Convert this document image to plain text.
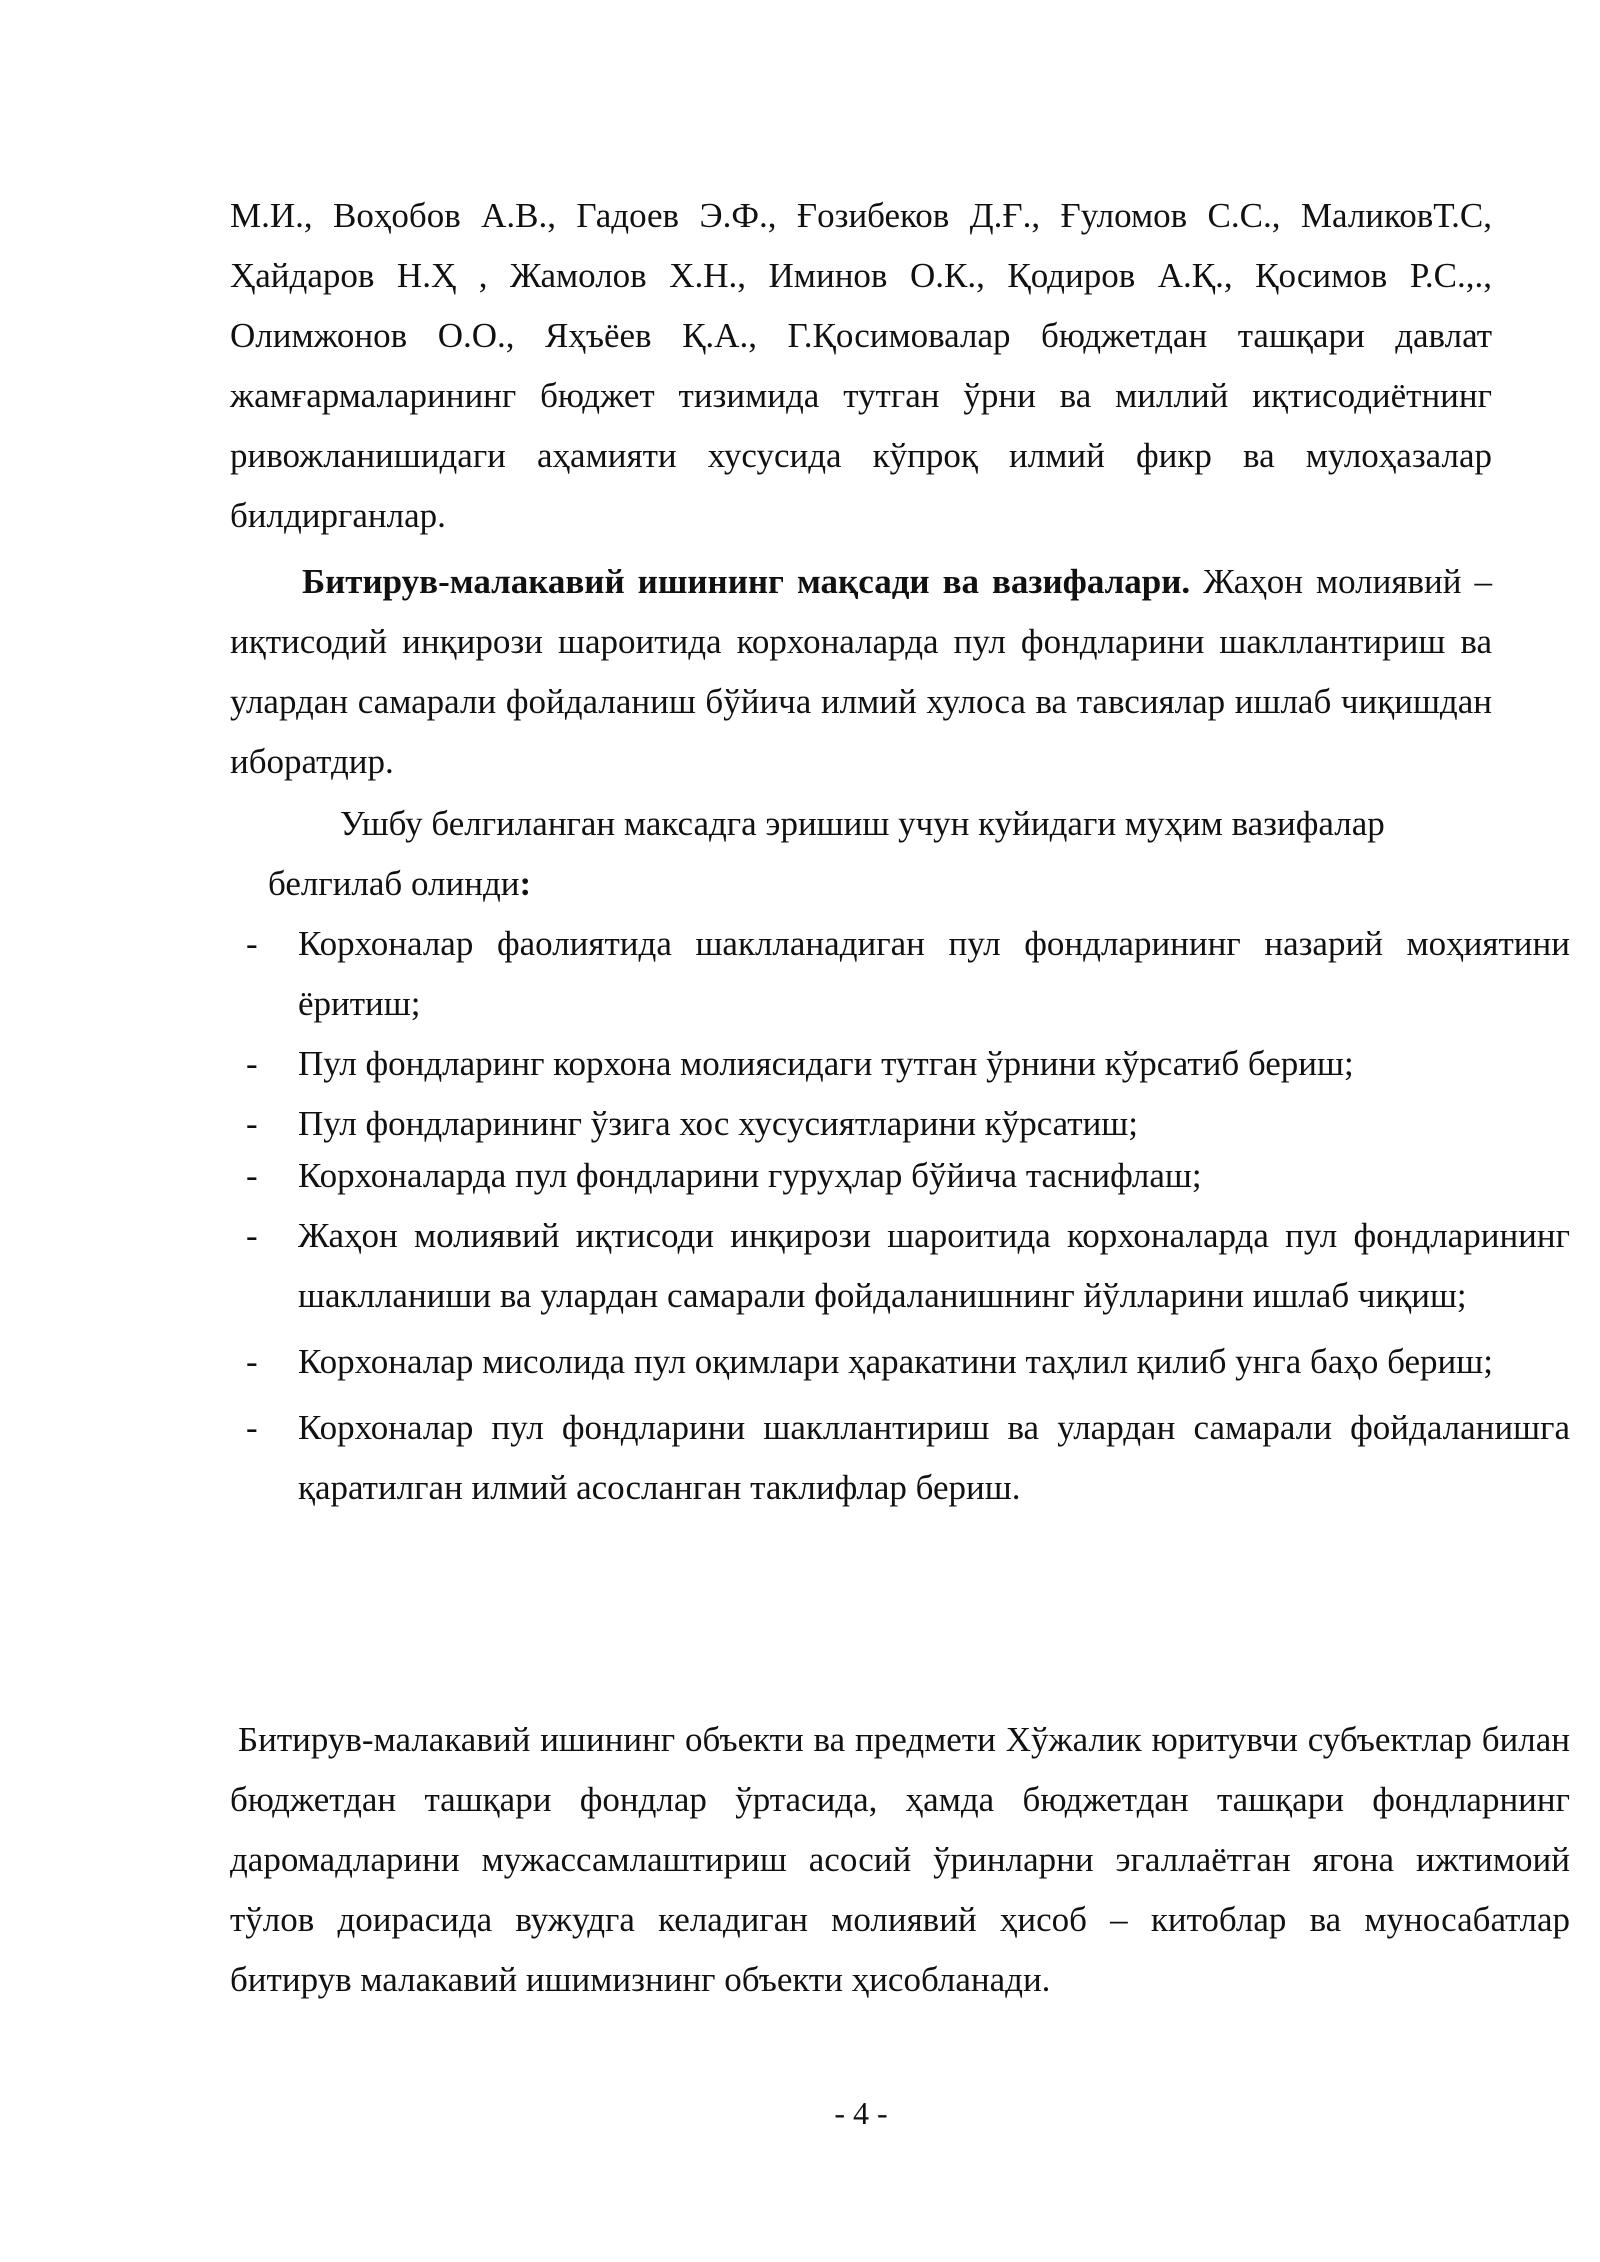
М.И., Воҳобов А.В., Гадоев Э.Ф., Ғозибеков Д.Ғ., Ғуломов С.С., МаликовТ.С, Ҳайдаров Н.Ҳ , Жамолов Х.Н., Иминов О.К., Қодиров А.Қ., Қосимов Р.С.,., Олимжонов О.О., Яҳъёев Қ.А., Г.Қосимовалар бюджетдан ташқари давлат жамғармаларининг бюджет тизимида тутган ўрни ва миллий иқтисодиётнинг ривожланишидаги аҳамияти хусусида кўпроқ илмий фикр ва мулоҳазалар билдирганлар.

Битирув-малакавий ишининг мақсади ва вазифалари. Жаҳон молиявий – иқтисодий инқирози шароитида корхоналарда пул фондларини шакллантириш ва улардан самарали фойдаланиш бўйича илмий хулоса ва тавсиялар ишлаб чиқишдан иборатдир.

Ушбу белгиланган максадга эришиш учун куйидаги муҳим вазифалар

белгилаб олинди:

- Корхоналар фаолиятида шаклланадиган пул фондларининг назарий моҳиятини ёритиш;
- Пул фондларинг корхона молиясидаги тутган ўрнини кўрсатиб бериш;
- Пул фондларининг ўзига хос хусусиятларини кўрсатиш;
- Корхоналарда пул фондларини гуруҳлар бўйича таснифлаш;
- Жаҳон молиявий иқтисоди инқирози шароитида корхоналарда пул фондларининг шаклланиши ва улардан самарали фойдаланишнинг йўлларини ишлаб чиқиш;
- Корхоналар мисолида пул оқимлари ҳаракатини таҳлил қилиб унга баҳо бериш;
- Корхоналар пул фондларини шакллантириш ва улардан самарали фойдаланишга қаратилган илмий асосланган таклифлар бериш.

Битирув-малакавий ишининг объекти ва предмети Хўжалик юритувчи субъектлар билан бюджетдан ташқари фондлар ўртасида, ҳамда бюджетдан ташқари фондларнинг даромадларини мужассамлаштириш асосий ўринларни эгаллаётган ягона ижтимоий тўлов доирасида вужудга келадиган молиявий ҳисоб – китоблар ва муносабатлар битирув малакавий ишимизнинг объекти ҳисобланади.

- 4 -
